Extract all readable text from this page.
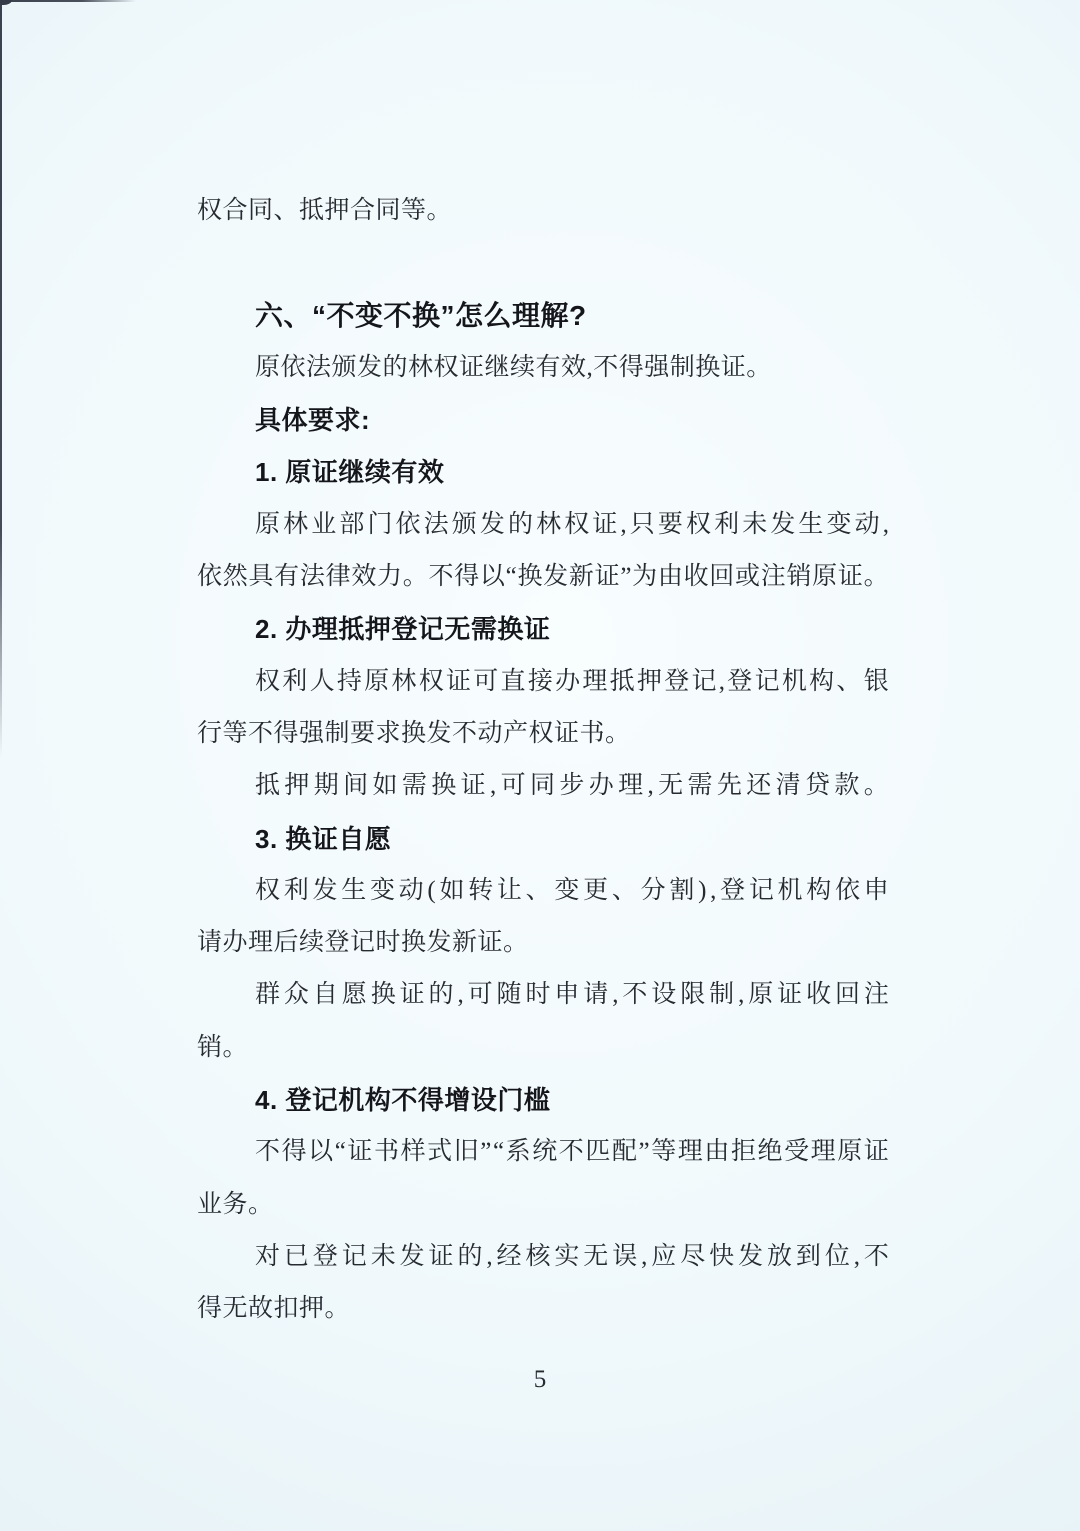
权合同、抵押合同等。

六、“不变不换”怎么理解?
原依法颁发的林权证继续有效,不得强制换证。
具体要求:
1. 原证继续有效
原 林 业 部 门 依 法 颁 发 的 林 权 证 , 只 要 权 利 未 发 生 变 动 ,
依 然 具 有 法 律 效 力 。 不 得 以 “ 换 发 新 证 ” 为 由 收 回 或 注 销 原 证 。
2. 办理抵押登记无需换证
权 利 人 持 原 林 权 证 可 直 接 办 理 抵 押 登 记 , 登 记 机 构 、 银
行等不得强制要求换发不动产权证书。
抵 押 期 间 如 需 换 证 , 可 同 步 办 理 , 无 需 先 还 清 贷 款 。
3. 换证自愿
权 利 发 生 变 动 ( 如 转 让 、 变 更 、 分 割 ) , 登 记 机 构 依 申
请办理后续登记时换发新证。
群 众 自 愿 换 证 的 , 可 随 时 申 请 , 不 设 限 制 , 原 证 收 回 注
销。
4. 登记机构不得增设门槛
不 得 以 “ 证 书 样 式 旧 ” “ 系 统 不 匹 配 ” 等 理 由 拒 绝 受 理 原 证
业务。
对 已 登 记 未 发 证 的 , 经 核 实 无 误 , 应 尽 快 发 放 到 位 , 不
得无故扣押。
5
